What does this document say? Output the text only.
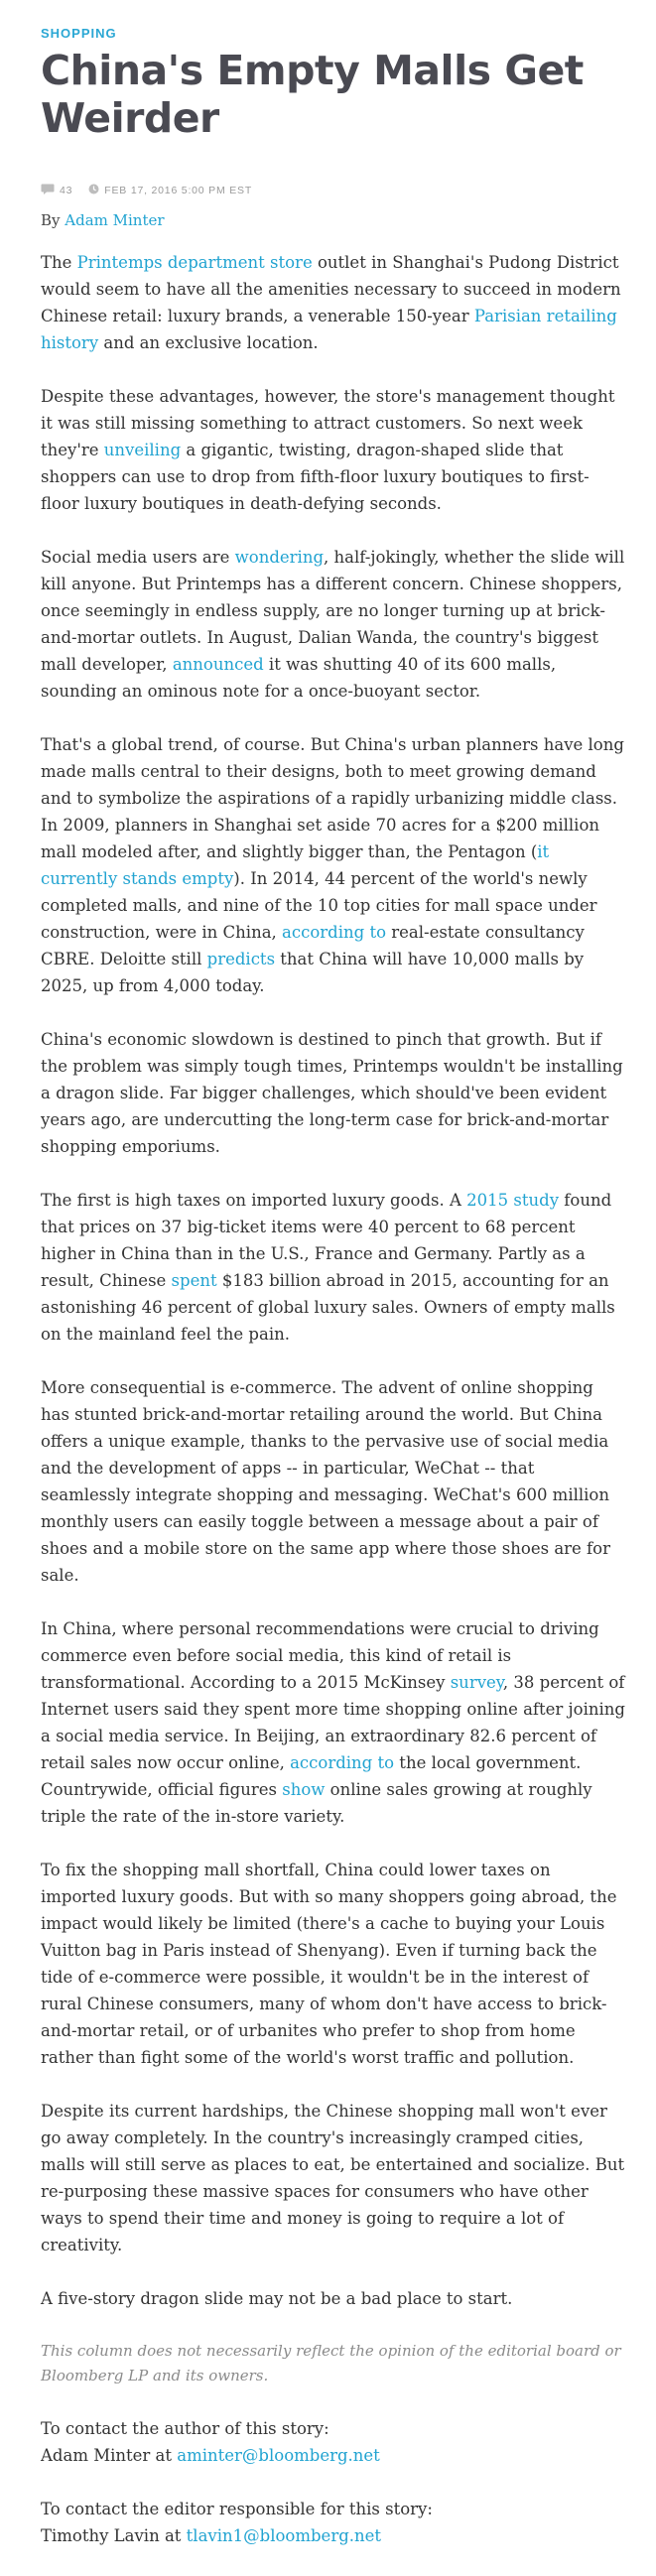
SHOPPING
China's Empty Malls Get Weirder
43	FEB 17, 2016 5:00 PM EST
By Adam Minter

The Printemps department store outlet in Shanghai's Pudong District would seem to have all the amenities necessary to succeed in modern Chinese retail: luxury brands, a venerable 150-year Parisian retailing history and an exclusive location.

Despite these advantages, however, the store's management thought it was still missing something to attract customers. So next week they're unveiling a gigantic, twisting, dragon-shaped slide that shoppers can use to drop from fifth-floor luxury boutiques to first-floor luxury boutiques in death-defying seconds.

Social media users are wondering, half-jokingly, whether the slide will kill anyone. But Printemps has a different concern. Chinese shoppers, once seemingly in endless supply, are no longer turning up at brick-and-mortar outlets. In August, Dalian Wanda, the country's biggest mall developer, announced it was shutting 40 of its 600 malls, sounding an ominous note for a once-buoyant sector.

That's a global trend, of course. But China's urban planners have long made malls central to their designs, both to meet growing demand and to symbolize the aspirations of a rapidly urbanizing middle class. In 2009, planners in Shanghai set aside 70 acres for a $200 million mall modeled after, and slightly bigger than, the Pentagon (it currently stands empty). In 2014, 44 percent of the world's newly completed malls, and nine of the 10 top cities for mall space under construction, were in China, according to real-estate consultancy CBRE. Deloitte still predicts that China will have 10,000 malls by 2025, up from 4,000 today.

China's economic slowdown is destined to pinch that growth. But if the problem was simply tough times, Printemps wouldn't be installing a dragon slide. Far bigger challenges, which should've been evident years ago, are undercutting the long-term case for brick-and-mortar shopping emporiums.

The first is high taxes on imported luxury goods. A 2015 study found that prices on 37 big-ticket items were 40 percent to 68 percent higher in China than in the U.S., France and Germany. Partly as a result, Chinese spent $183 billion abroad in 2015, accounting for an astonishing 46 percent of global luxury sales. Owners of empty malls on the mainland feel the pain.

More consequential is e-commerce. The advent of online shopping has stunted brick-and-mortar retailing around the world. But China offers a unique example, thanks to the pervasive use of social media and the development of apps -- in particular, WeChat -- that seamlessly integrate shopping and messaging. WeChat's 600 million monthly users can easily toggle between a message about a pair of shoes and a mobile store on the same app where those shoes are for sale.

In China, where personal recommendations were crucial to driving commerce even before social media, this kind of retail is transformational. According to a 2015 McKinsey survey, 38 percent of Internet users said they spent more time shopping online after joining a social media service. In Beijing, an extraordinary 82.6 percent of retail sales now occur online, according to the local government. Countrywide, official figures show online sales growing at roughly triple the rate of the in-store variety.

To fix the shopping mall shortfall, China could lower taxes on imported luxury goods. But with so many shoppers going abroad, the impact would likely be limited (there's a cache to buying your Louis Vuitton bag in Paris instead of Shenyang). Even if turning back the tide of e-commerce were possible, it wouldn't be in the interest of rural Chinese consumers, many of whom don't have access to brick-and-mortar retail, or of urbanites who prefer to shop from home rather than fight some of the world's worst traffic and pollution.

Despite its current hardships, the Chinese shopping mall won't ever go away completely. In the country's increasingly cramped cities, malls will still serve as places to eat, be entertained and socialize. But re-purposing these massive spaces for consumers who have other ways to spend their time and money is going to require a lot of creativity.

A five-story dragon slide may not be a bad place to start.

This column does not necessarily reflect the opinion of the editorial board or Bloomberg LP and its owners.

To contact the author of this story:
Adam Minter at aminter@bloomberg.net

To contact the editor responsible for this story:
Timothy Lavin at tlavin1@bloomberg.net
